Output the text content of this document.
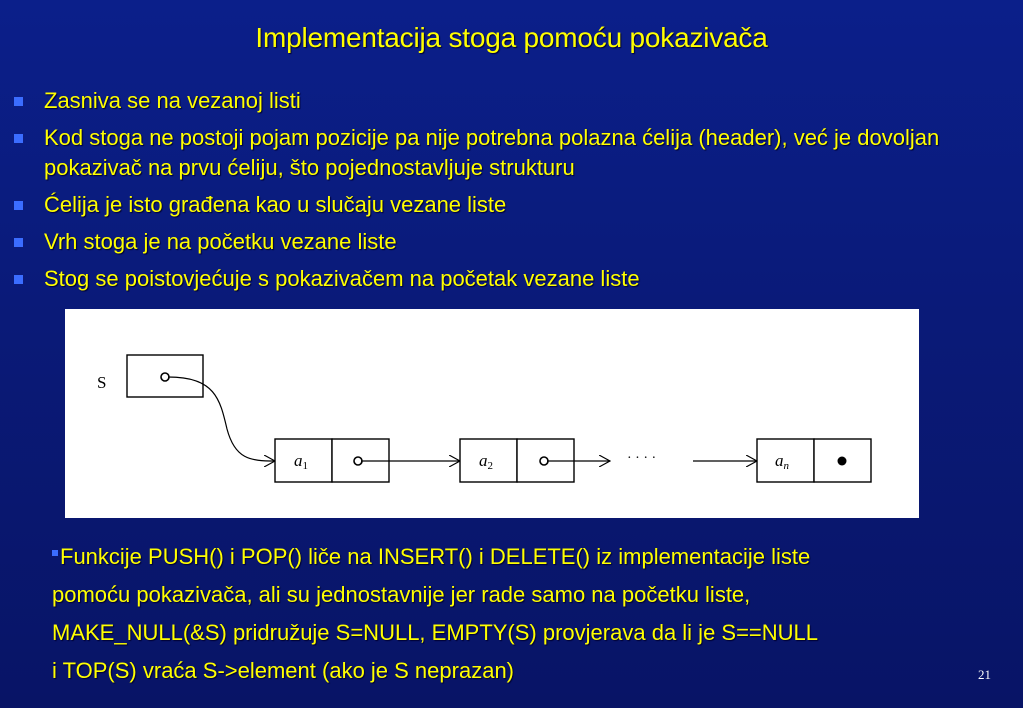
Implementacija stoga pomoću pokazivača
Zasniva se na vezanoj listi
Kod stoga ne postoji pojam pozicije pa nije potrebna polazna ćelija (header), već je dovoljan pokazivač na prvu ćeliju, što pojednostavljuje strukturu
Ćelija je isto građena kao u slučaju vezane liste
Vrh stoga je na početku vezane liste
Stog se poistovjećuje s pokazivačem na početak vezane liste
S
a1	a2	· · · ·	an
Funkcije PUSH() i POP() liče na INSERT() i DELETE() iz implementacije liste
pomoću pokazivača, ali su jednostavnije jer rade samo na početku liste,
MAKE_NULL(&S) pridružuje S=NULL, EMPTY(S) provjerava da li je S==NULL
i TOP(S) vraća S->element (ako je S neprazan)	21
